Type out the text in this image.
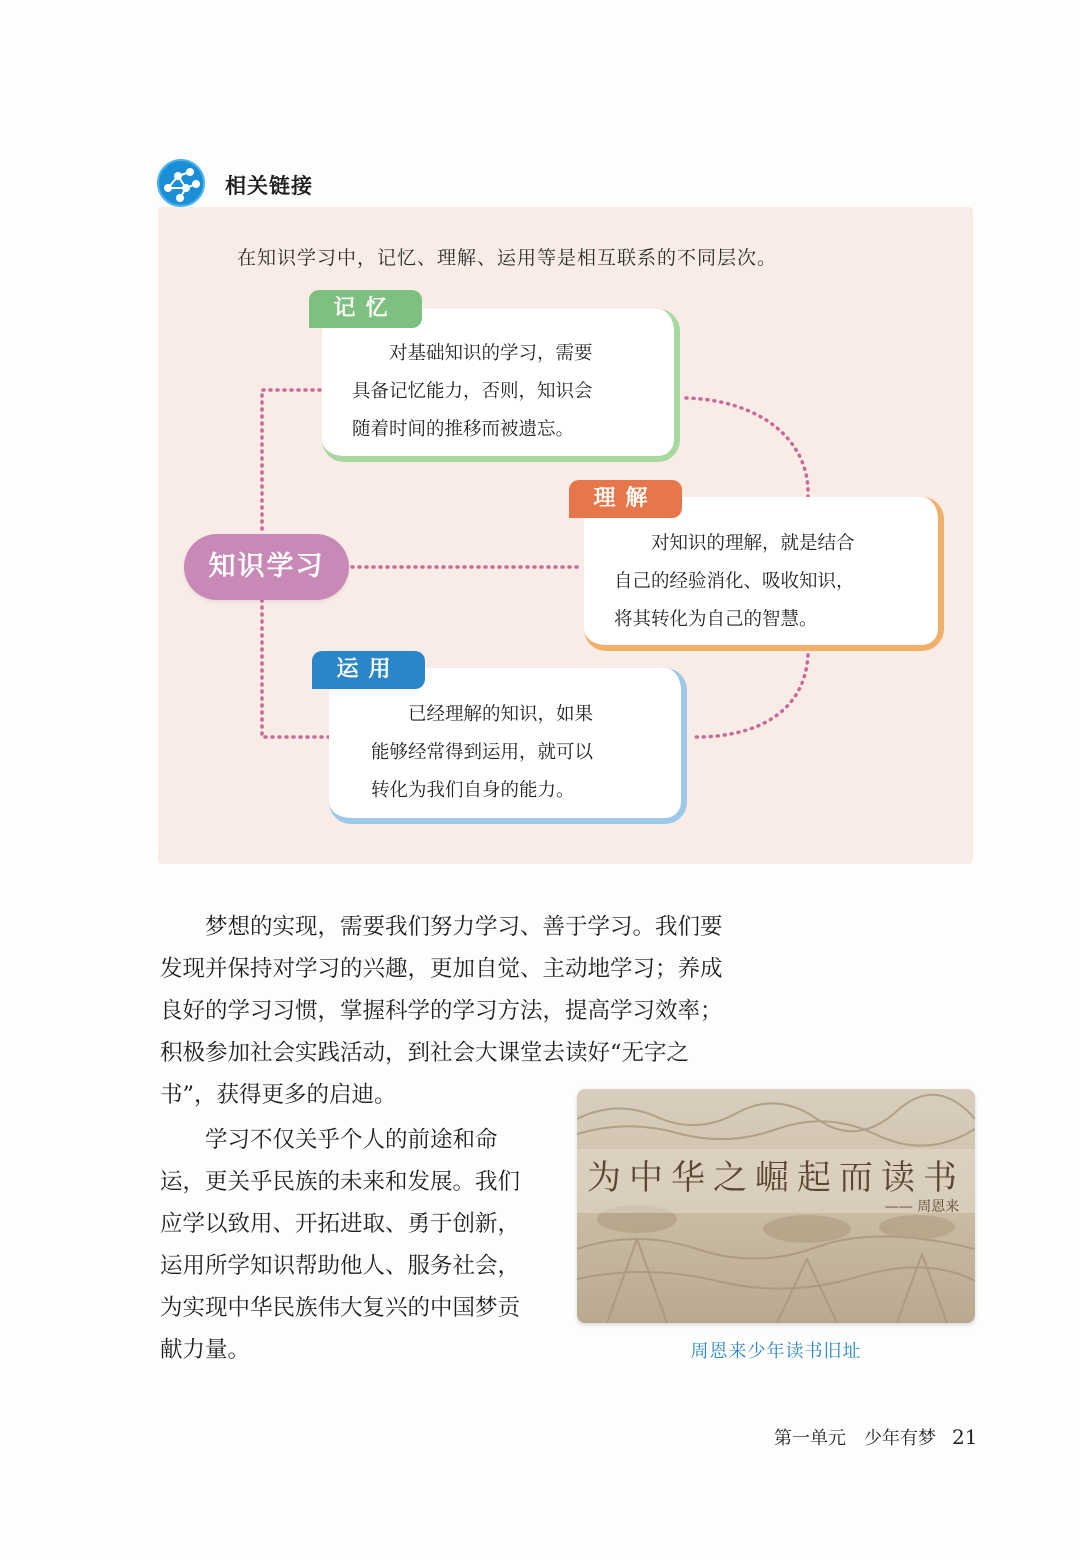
相关链接
在知识学习中，记忆、理解、运用等是相互联系的不同层次。
知识学习

对基础知识的学习，需要

具备记忆能力，否则，知识会

随着时间的推移而被遗忘。

记忆

对知识的理解，就是结合

自己的经验消化、吸收知识，

将其转化为自己的智慧。

理解

已经理解的知识，如果

能够经常得到运用，就可以

转化为我们自身的能力。

运用
梦想的实现，需要我们努力学习、善于学习。我们要
发现并保持对学习的兴趣，更加自觉、主动地学习；养成
良好的学习习惯，掌握科学的学习方法，提高学习效率；
积极参加社会实践活动，到社会大课堂去读好“无字之
书”，获得更多的启迪。
学习不仅关乎个人的前途和命
运，更关乎民族的未来和发展。我们
应学以致用、开拓进取、勇于创新，
运用所学知识帮助他人、服务社会，
为实现中华民族伟大复兴的中国梦贡
献力量。
为中华之崛起而读书
—— 周恩来
周恩来少年读书旧址
第一单元　少年有梦 21
